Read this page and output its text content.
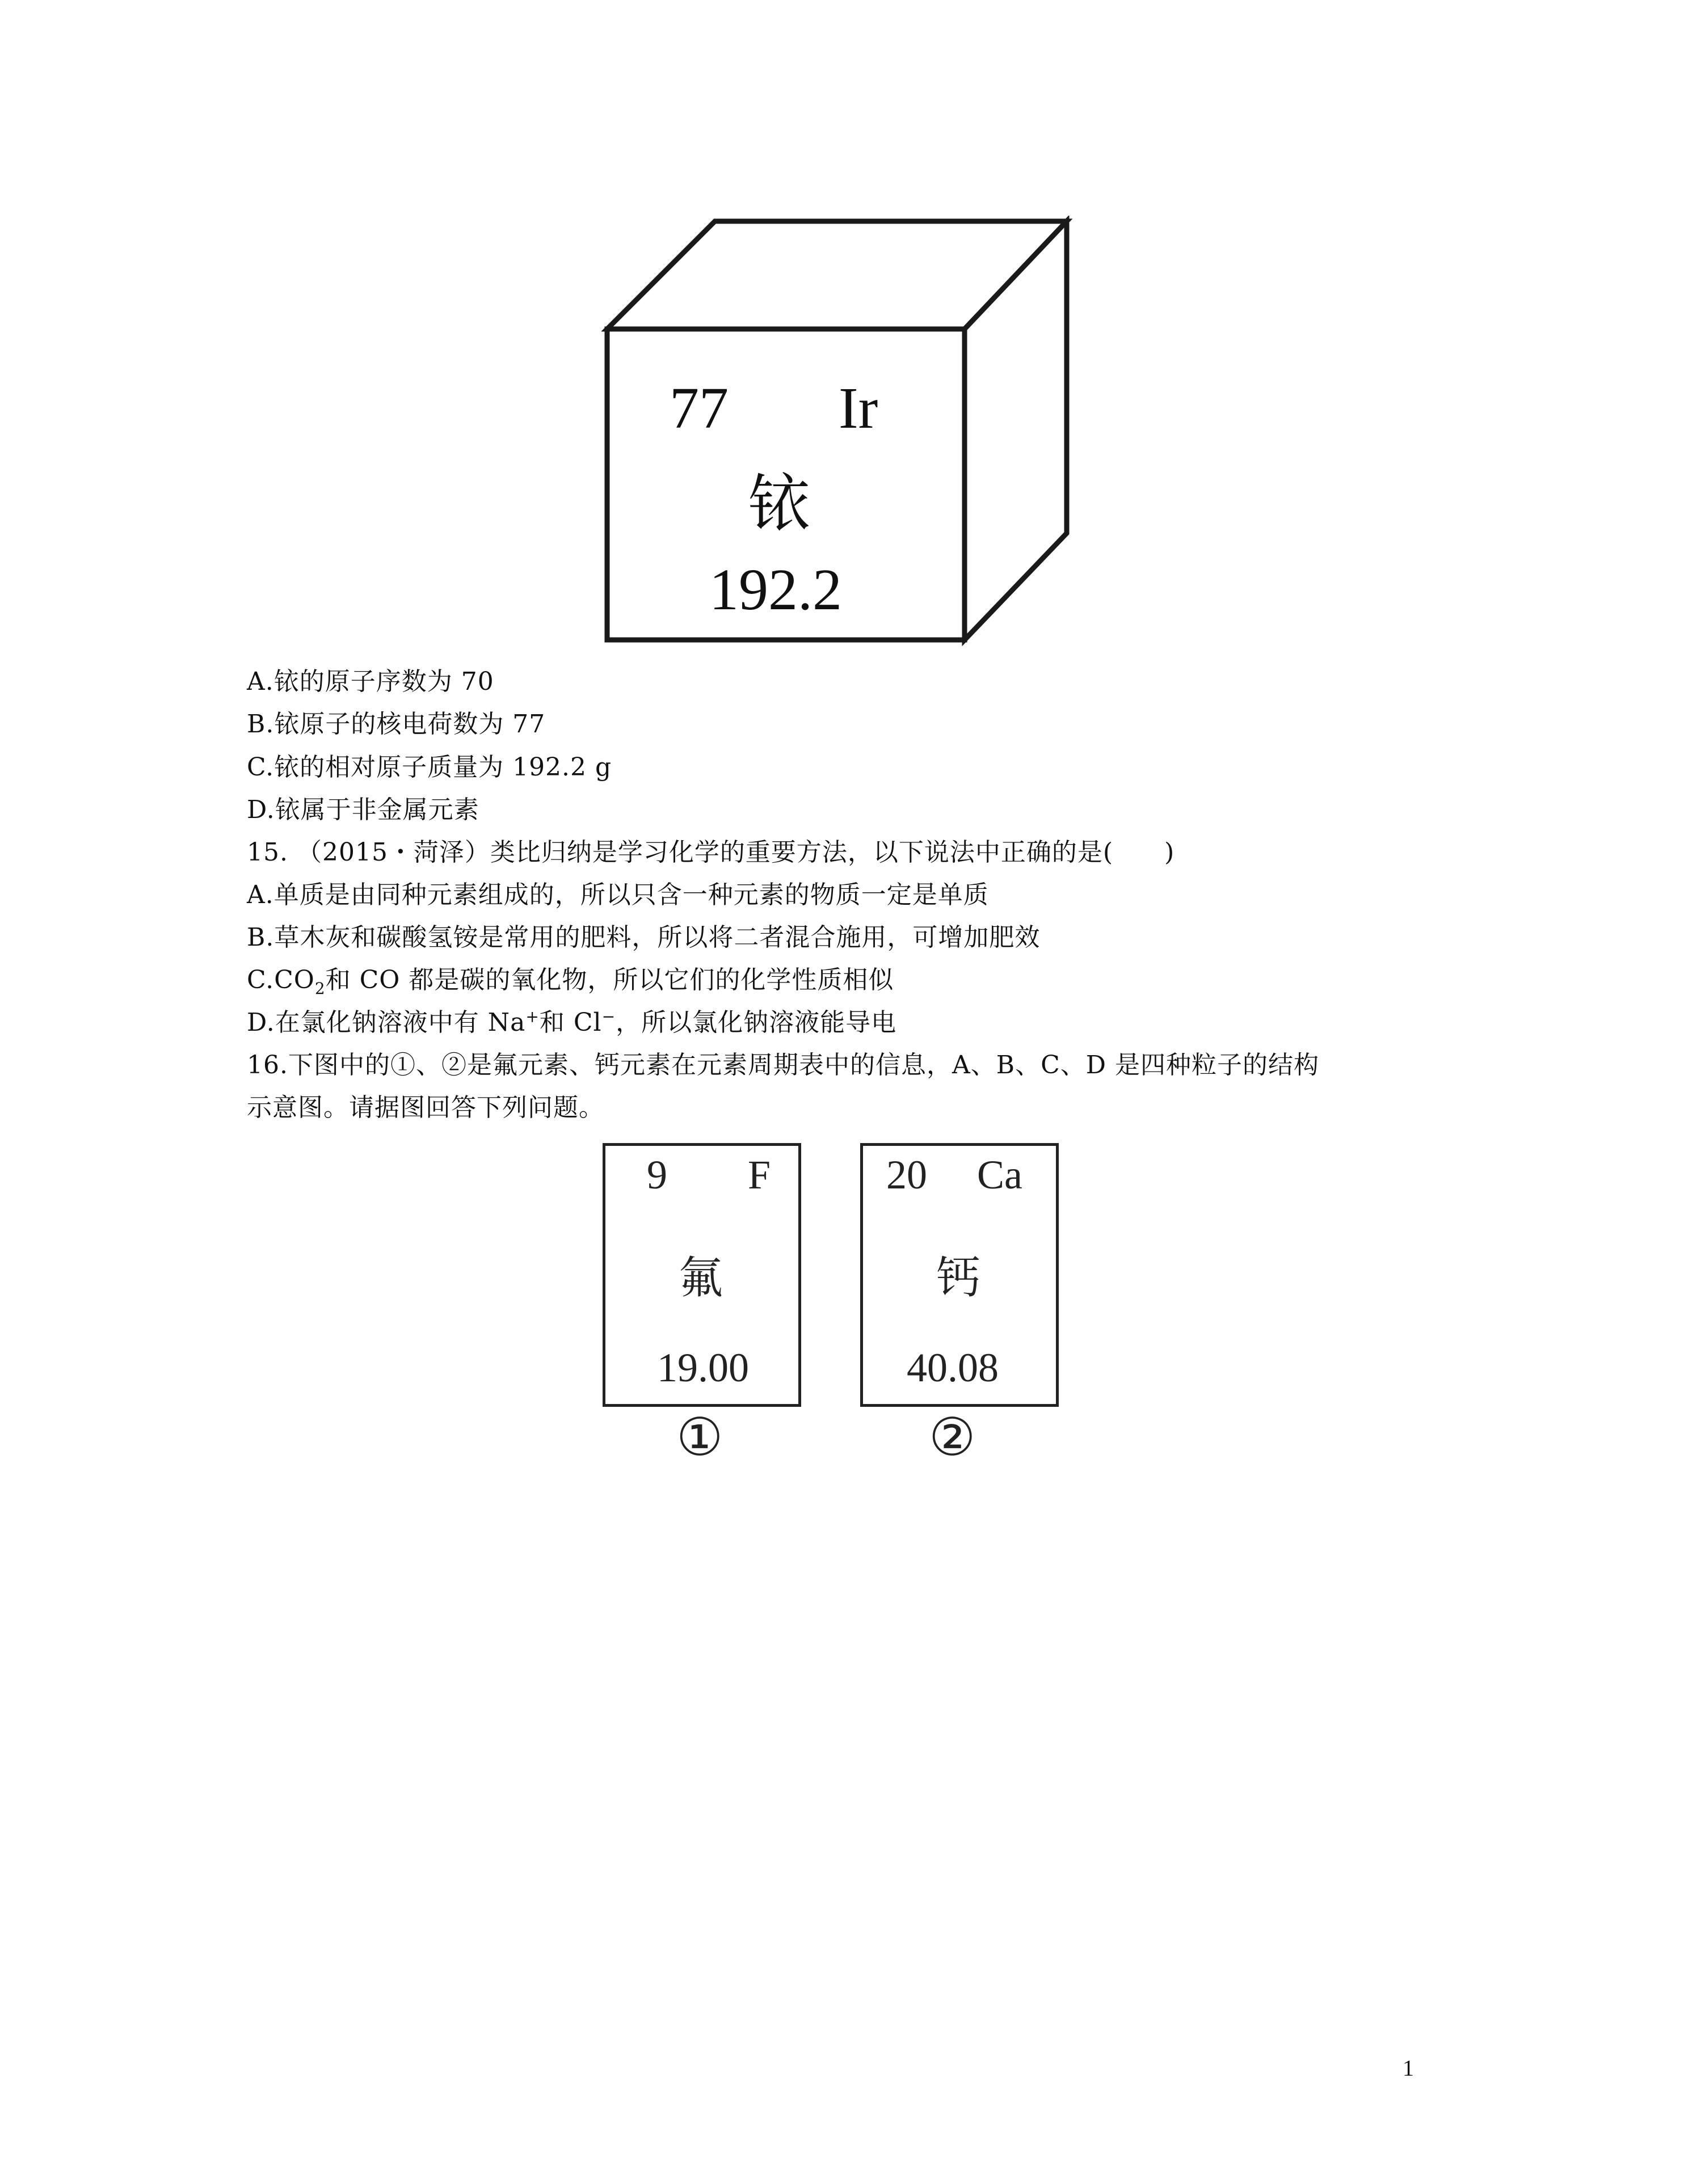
77 Ir
铱
192.2
A.铱的原子序数为 70
B.铱原子的核电荷数为 77
C.铱的相对原子质量为 192.2 g
D.铱属于非金属元素
15. （2015・菏泽）类比归纳是学习化学的重要方法，以下说法中正确的是(　　)
A.单质是由同种元素组成的，所以只含一种元素的物质一定是单质
B.草木灰和碳酸氢铵是常用的肥料，所以将二者混合施用，可增加肥效
$C.CO_2$和 CO 都是碳的氧化物，所以它们的化学性质相似
D.在氯化钠溶液中有 Na+和 Cl−，所以氯化钠溶液能导电
16.下图中的①、②是氟元素、钙元素在元素周期表中的信息，A、B、C、D 是四种粒子的结构
示意图。请据图回答下列问题。
9 F
氟
19.00
①
20 Ca
钙
40.08
②
1
